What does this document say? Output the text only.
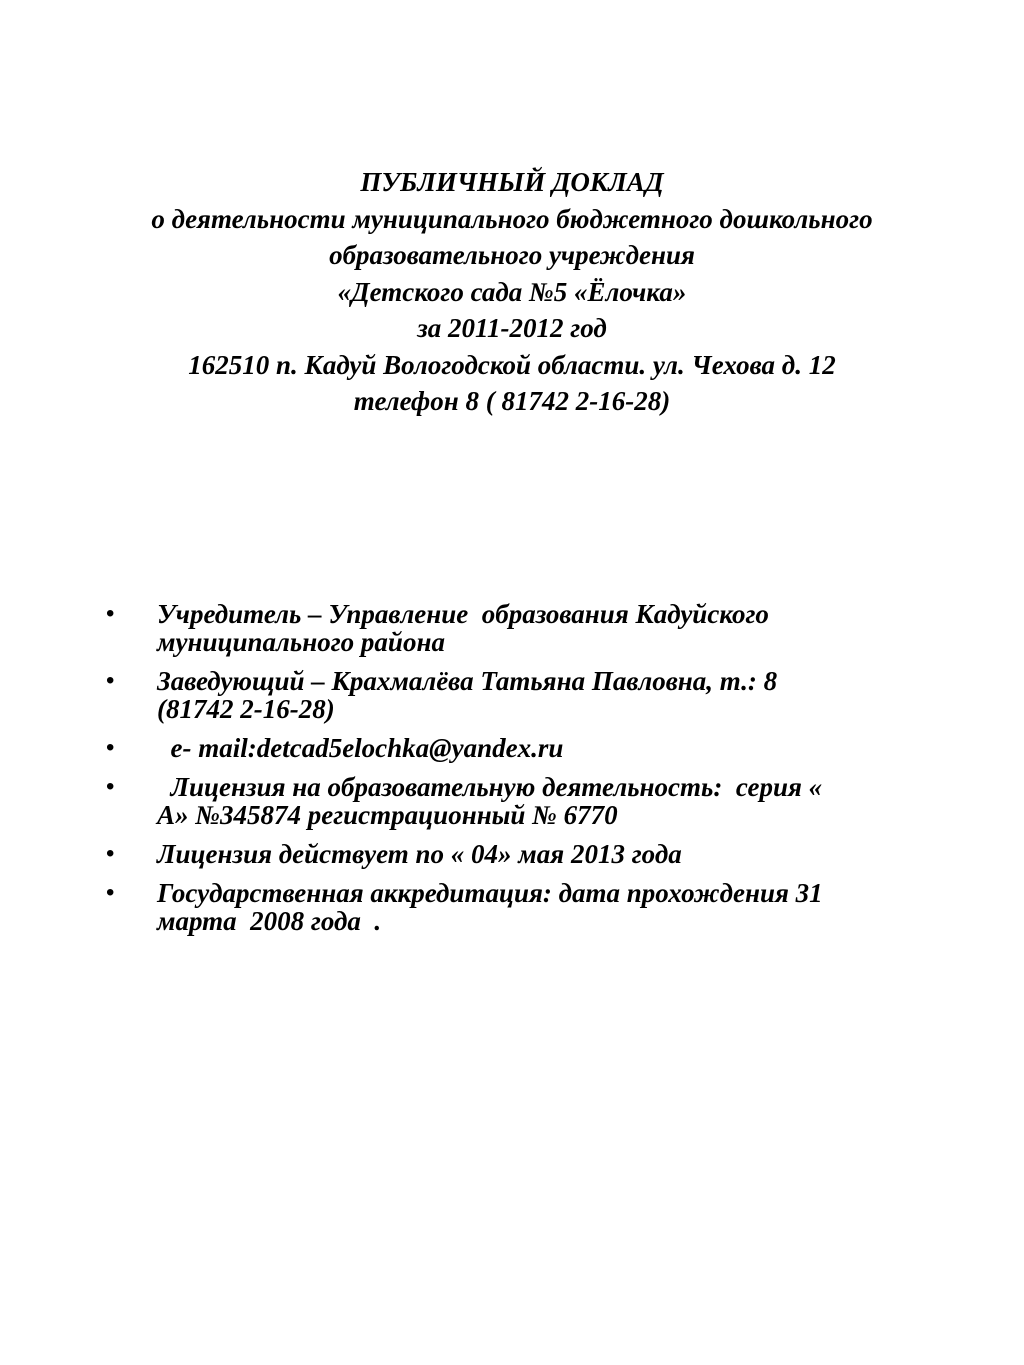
ПУБЛИЧНЫЙ ДОКЛАД
о деятельности муниципального бюджетного дошкольного
образовательного учреждения
«Детского сада №5 «Ёлочка»
за 2011-2012 год
162510 п. Кадуй Вологодской области. ул. Чехова д. 12
телефон 8 ( 81742 2-16-28)
• Учредитель – Управление  образования Кадуйского
муниципального района
• Заведующий – Крахмалёва Татьяна Павловна, т.: 8
(81742 2-16-28)
• е- mail:detcad5elochka@yandex.ru
• Лицензия на образовательную деятельность:  серия «
А» №345874 регистрационный № 6770
• Лицензия действует по « 04» мая 2013 года
• Государственная аккредитация: дата прохождения 31
марта  2008 года  .
